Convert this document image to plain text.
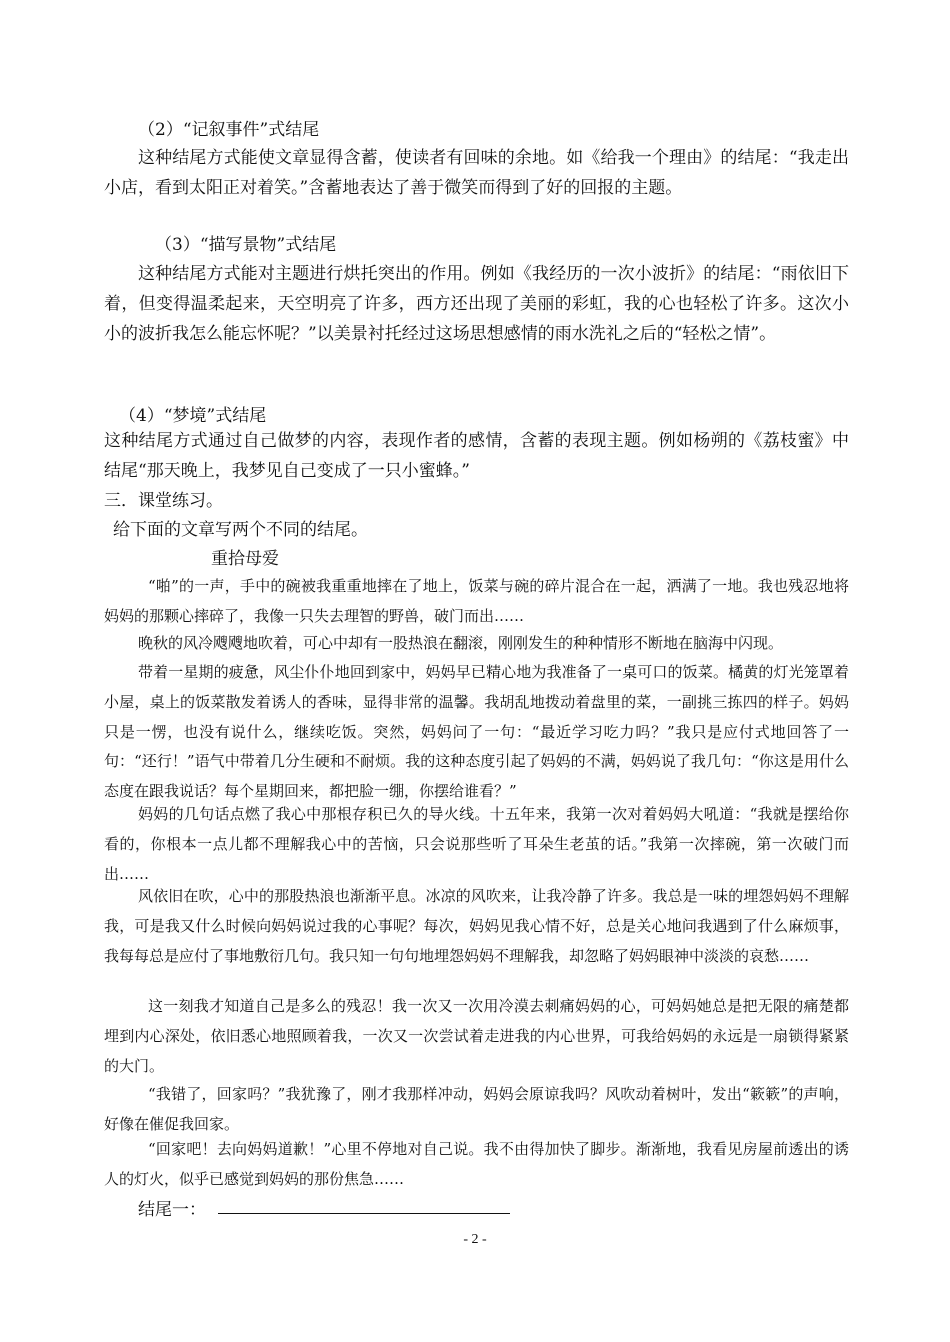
（2）“记叙事件”式结尾
这种结尾方式能使文章显得含蓄，使读者有回味的余地。如《给我一个理由》的结尾：“我走出小店，看到太阳正对着笑。”含蓄地表达了善于微笑而得到了好的回报的主题。
（3）“描写景物”式结尾
这种结尾方式能对主题进行烘托突出的作用。例如《我经历的一次小波折》的结尾：“雨依旧下着，但变得温柔起来，天空明亮了许多，西方还出现了美丽的彩虹，我的心也轻松了许多。这次小小的波折我怎么能忘怀呢？”以美景衬托经过这场思想感情的雨水洗礼之后的“轻松之情”。
（4）“梦境”式结尾
这种结尾方式通过自己做梦的内容，表现作者的感情，含蓄的表现主题。例如杨朔的《荔枝蜜》中结尾“那天晚上，我梦见自己变成了一只小蜜蜂。”
三．课堂练习。
给下面的文章写两个不同的结尾。
重拾母爱
“啪”的一声，手中的碗被我重重地摔在了地上，饭菜与碗的碎片混合在一起，洒满了一地。我也残忍地将妈妈的那颗心摔碎了，我像一只失去理智的野兽，破门而出……
晚秋的风冷飕飕地吹着，可心中却有一股热浪在翻滚，刚刚发生的种种情形不断地在脑海中闪现。
带着一星期的疲惫，风尘仆仆地回到家中，妈妈早已精心地为我准备了一桌可口的饭菜。橘黄的灯光笼罩着小屋，桌上的饭菜散发着诱人的香味，显得非常的温馨。我胡乱地拨动着盘里的菜，一副挑三拣四的样子。妈妈只是一愣，也没有说什么，继续吃饭。突然，妈妈问了一句：“最近学习吃力吗？”我只是应付式地回答了一句：“还行！”语气中带着几分生硬和不耐烦。我的这种态度引起了妈妈的不满，妈妈说了我几句：“你这是用什么态度在跟我说话？每个星期回来，都把脸一绷，你摆给谁看？”
妈妈的几句话点燃了我心中那根存积已久的导火线。十五年来，我第一次对着妈妈大吼道：“我就是摆给你看的，你根本一点儿都不理解我心中的苦恼，只会说那些听了耳朵生老茧的话。”我第一次摔碗，第一次破门而出……
风依旧在吹，心中的那股热浪也渐渐平息。冰凉的风吹来，让我冷静了许多。我总是一味的埋怨妈妈不理解我，可是我又什么时候向妈妈说过我的心事呢？每次，妈妈见我心情不好，总是关心地问我遇到了什么麻烦事，我每每总是应付了事地敷衍几句。我只知一句句地埋怨妈妈不理解我，却忽略了妈妈眼神中淡淡的哀愁……
这一刻我才知道自己是多么的残忍！我一次又一次用冷漠去刺痛妈妈的心，可妈妈她总是把无限的痛楚都埋到内心深处，依旧悉心地照顾着我，一次又一次尝试着走进我的内心世界，可我给妈妈的永远是一扇锁得紧紧的大门。
“我错了，回家吗？”我犹豫了，刚才我那样冲动，妈妈会原谅我吗？风吹动着树叶，发出“簌簌”的声响，好像在催促我回家。
“回家吧！去向妈妈道歉！”心里不停地对自己说。我不由得加快了脚步。渐渐地，我看见房屋前透出的诱人的灯火，似乎已感觉到妈妈的那份焦急……
结尾一：
- 2 -
